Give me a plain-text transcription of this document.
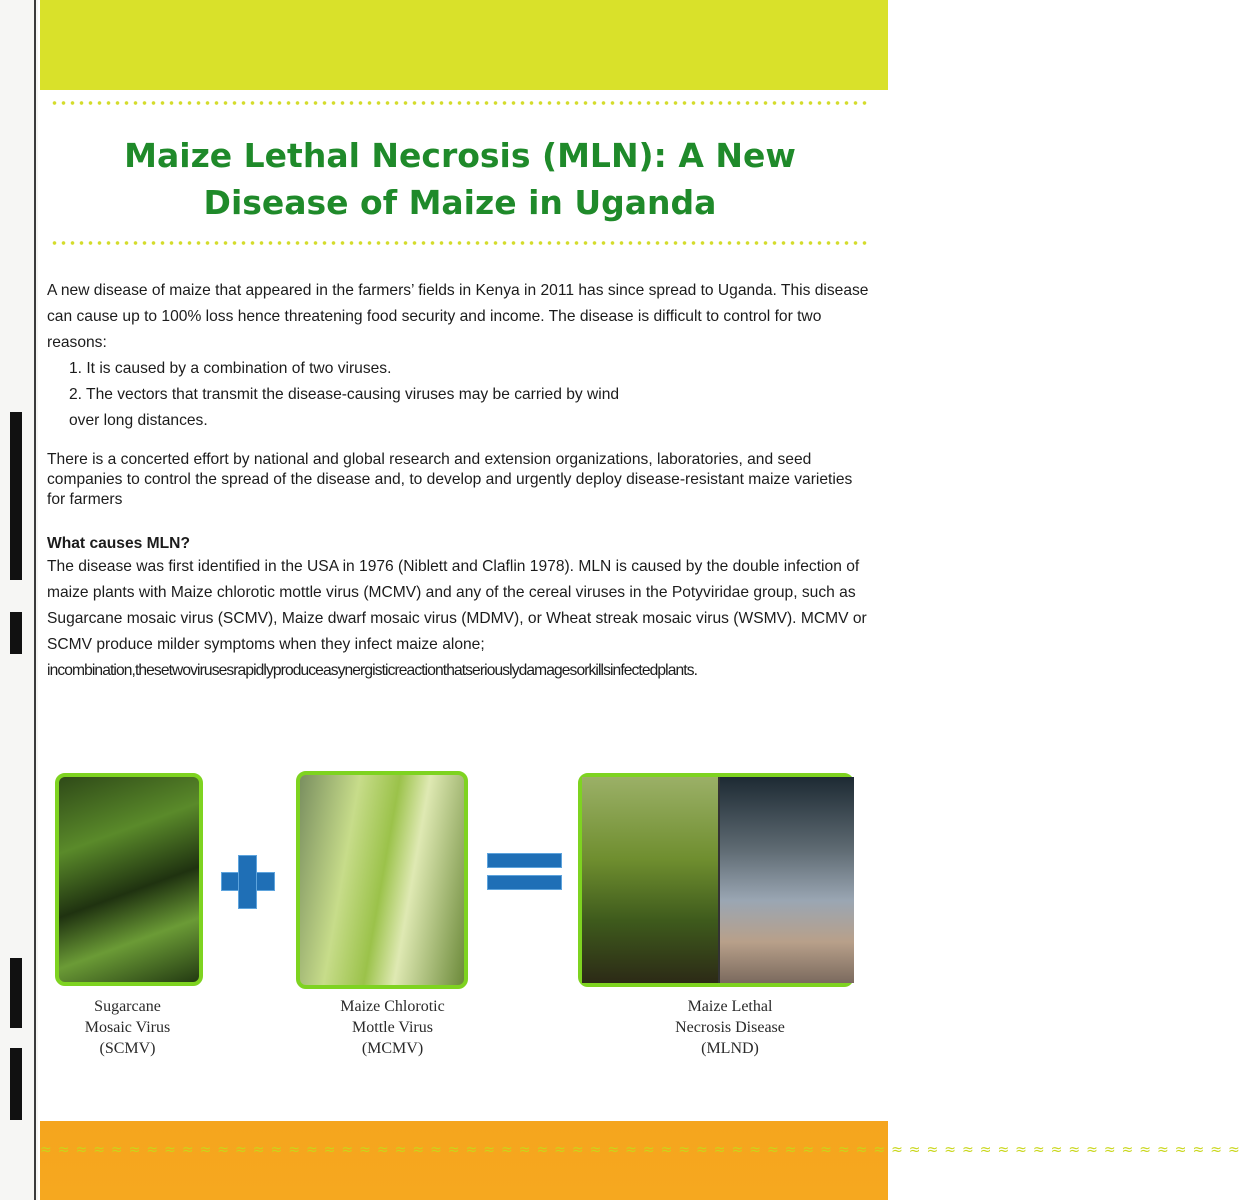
Maize Lethal Necrosis (MLN): A New
Disease of Maize in Uganda

A new disease of maize that appeared in the farmers’ fields in Kenya in 2011 has since spread to Uganda. This disease can cause up to 100% loss hence threatening food security and income. The disease is difficult to control for two reasons:

1. It is caused by a combination of two viruses.
2. The vectors that transmit the disease-causing viruses may be carried by wind

over long distances.

There is a concerted effort by national and global research and extension organizations, laboratories, and seed companies to control the spread of the disease and, to develop and urgently deploy disease-resistant maize varieties for farmers

What causes MLN?

The disease was first identified in the USA in 1976 (Niblett and Claflin 1978). MLN is caused by the double infection of maize plants with Maize chlorotic mottle virus (MCMV) and any of the cereal viruses in the Potyviridae group, such as Sugarcane mosaic virus (SCMV), Maize dwarf mosaic virus (MDMV), or Wheat streak mosaic virus (WSMV). MCMV or SCMV produce milder symptoms when they infect maize alone;

incombination,thesetwovirusesrapidlyproduceasynergisticreactionthatseriouslydamagesorkillsinfectedplants.

Sugarcane
Mosaic Virus
(SCMV)
Maize Chlorotic
Mottle Virus
(MCMV)
Maize Lethal
Necrosis Disease
(MLND)
≈≈≈≈≈≈≈≈≈≈≈≈≈≈≈≈≈≈≈≈≈≈≈≈≈≈≈≈≈≈≈≈≈≈≈≈≈≈≈≈≈≈≈≈≈≈≈≈≈≈≈≈≈≈≈≈≈≈≈≈≈≈≈≈≈≈≈≈
